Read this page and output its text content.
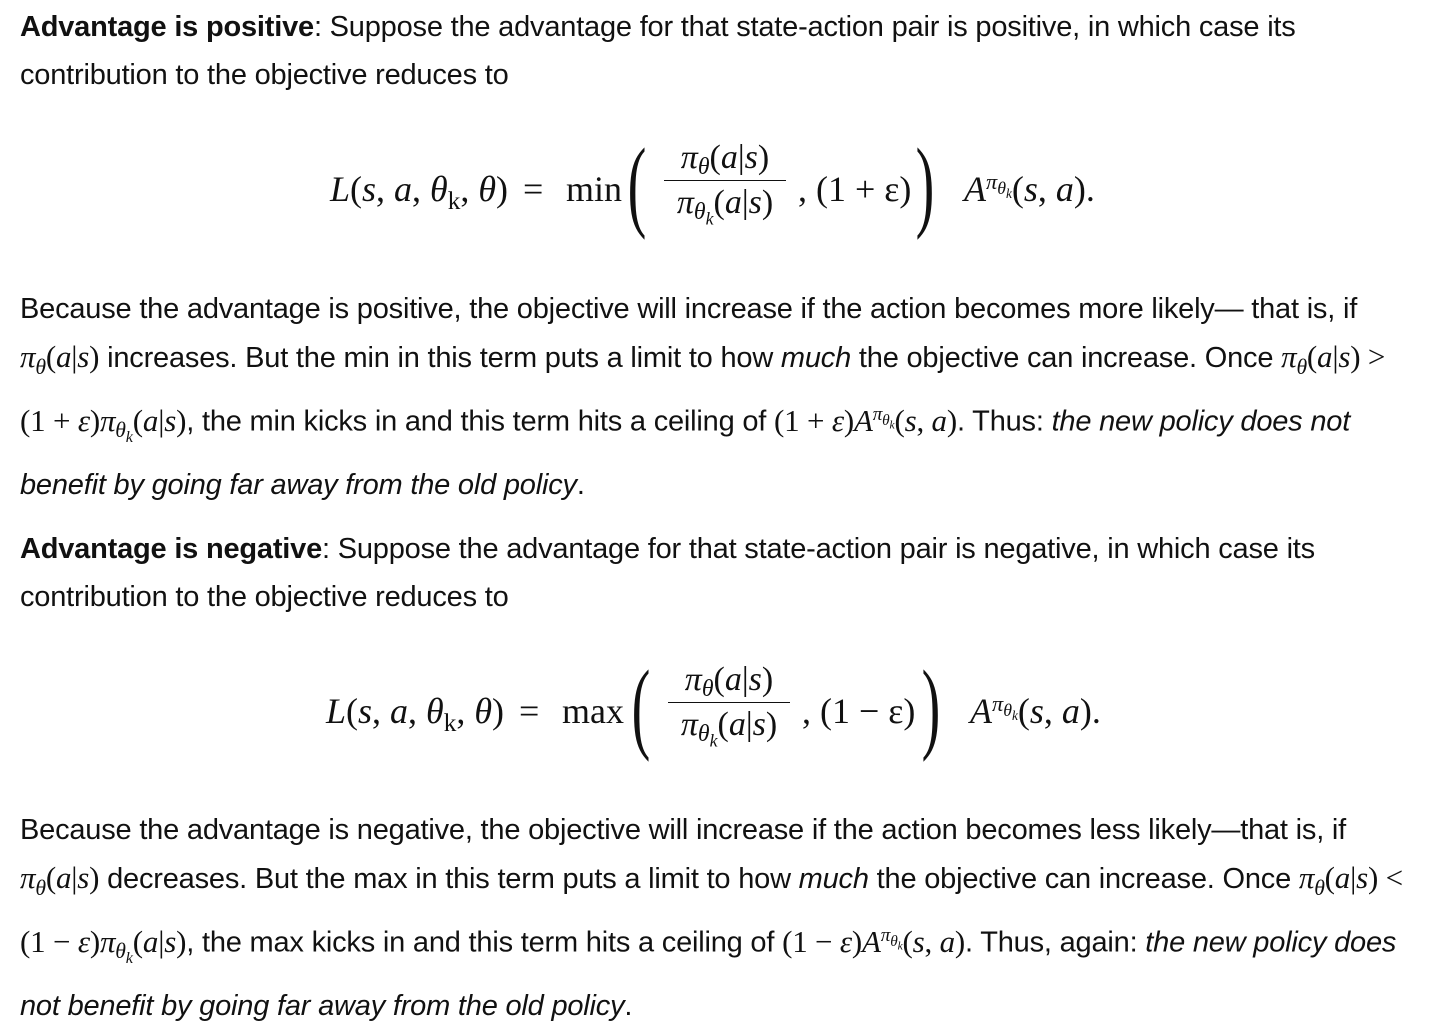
Advantage is positive: Suppose the advantage for that state-action pair is positive, in which case its contribution to the objective reduces to

L(s, a, $\theta_k$, θ) = min (	πθ(a|s)
$\pi\theta_k(a|s)$ , (1 + ε) ) $A^{\pi_{\theta_k}}(s$, a).

Because the advantage is positive, the objective will increase if the action becomes more likely— that is, if $\pi_\theta(a|s)$ increases. But the min in this term puts a limit to how much the objective can increase. Once $\pi_\theta(a|s) > (1 + \varepsilon)\pi_{\theta_k}(a|s)$, the min kicks in and this term hits a ceiling of $(1 + \varepsilon)A^{\pi_{\theta_k}}(s$, a). Thus: the new policy does not benefit by going far away from the old policy.

Advantage is negative: Suppose the advantage for that state-action pair is negative, in which case its contribution to the objective reduces to

L(s, a, $\theta_k$, θ) = max (	πθ(a|s)
$\pi\theta_k(a|s)$ , (1 − ε) ) $A^{\pi_{\theta_k}}(s$, a).

Because the advantage is negative, the objective will increase if the action becomes less likely—that is, if $\pi_\theta(a|s)$ decreases. But the max in this term puts a limit to how much the objective can increase. Once $\pi_\theta(a|s) < (1 - \varepsilon)\pi_{\theta_k}(a|s)$, the max kicks in and this term hits a ceiling of $(1 - \varepsilon)A^{\pi_{\theta_k}}(s$, a). Thus, again: the new policy does not benefit by going far away from the old policy.
